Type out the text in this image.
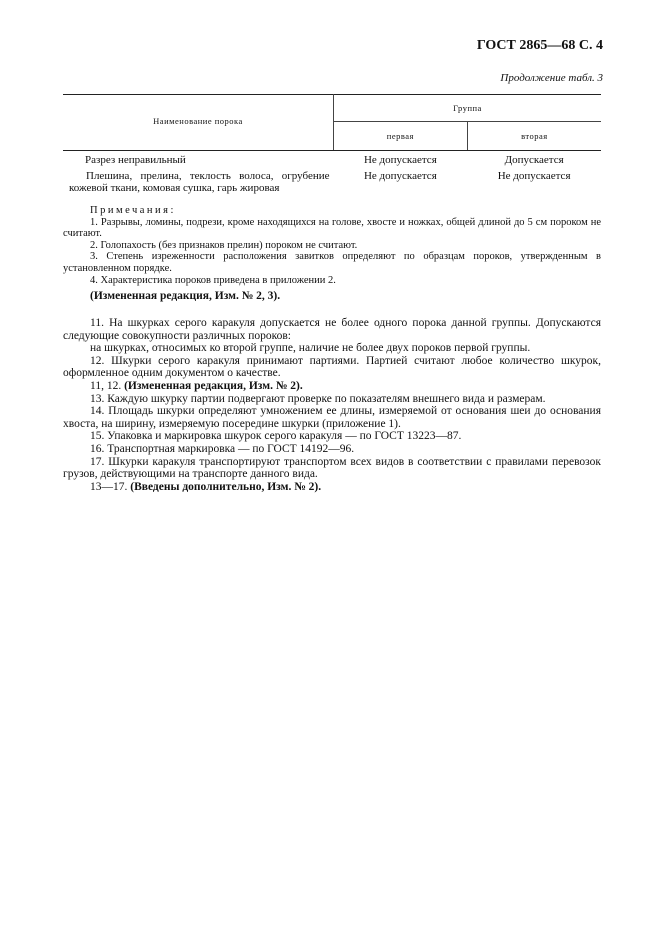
ГОСТ 2865—68 С. 4
Продолжение табл. 3
Наименование порока	Группа	
	первая	вторая
Разрез неправильный	Не допускается	Допускается
Плешина, прелина, теклость волоса, огрубение кожевой ткани, комовая сушка, гарь жировая	Не допускается	Не допускается
Примечания:
1. Разрывы, ломины, подрези, кроме находящихся на голове, хвосте и ножках, общей длиной до 5 см пороком не считают.
2. Голопахость (без признаков прелин) пороком не считают.
3. Степень изреженности расположения завитков определяют по образцам пороков, утвержденным в установленном порядке.
4. Характеристика пороков приведена в приложении 2.
(Измененная редакция, Изм. № 2, 3).
11. На шкурках серого каракуля допускается не более одного порока данной группы. Допускаются следующие совокупности различных пороков:
на шкурках, относимых ко второй группе, наличие не более двух пороков первой группы.
12. Шкурки серого каракуля принимают партиями. Партией считают любое количество шкурок, оформленное одним документом о качестве.
11, 12. (Измененная редакция, Изм. № 2).
13. Каждую шкурку партии подвергают проверке по показателям внешнего вида и размерам.
14. Площадь шкурки определяют умножением ее длины, измеряемой от основания шеи до основания хвоста, на ширину, измеряемую посередине шкурки (приложение 1).
15. Упаковка и маркировка шкурок серого каракуля — по ГОСТ 13223—87.
16. Транспортная маркировка — по ГОСТ 14192—96.
17. Шкурки каракуля транспортируют транспортом всех видов в соответствии с правилами перевозок грузов, действующими на транспорте данного вида.
13—17. (Введены дополнительно, Изм. № 2).
